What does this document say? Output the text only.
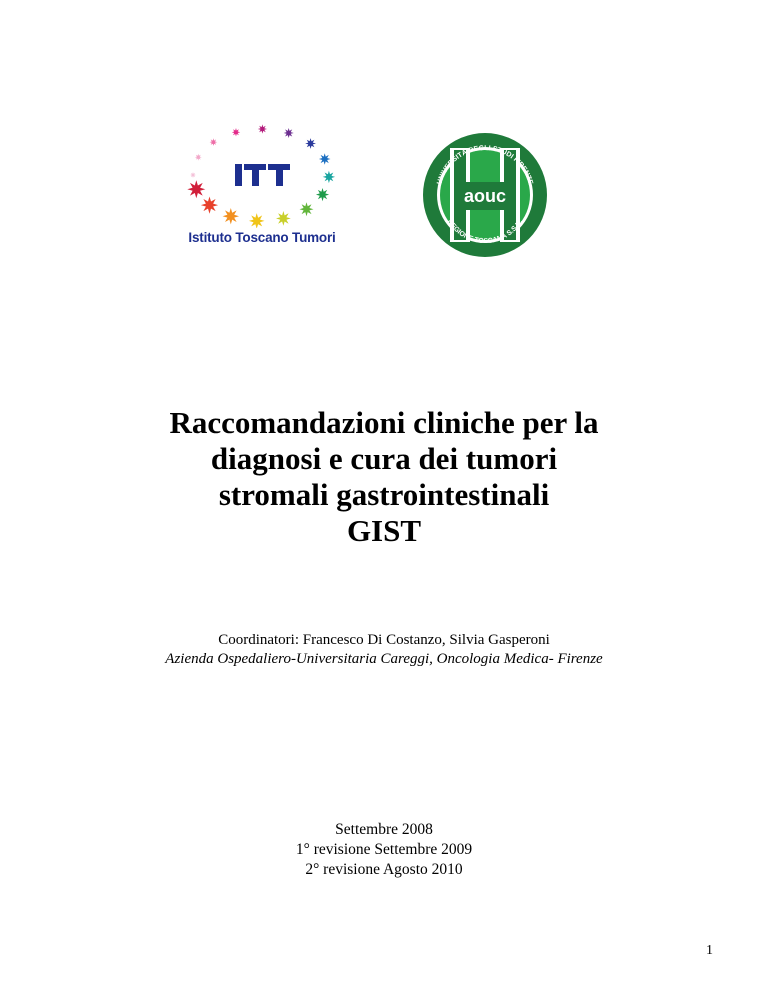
Istituto Toscano Tumori
aouc
UNIVERSITÀ DEGLI STUDI FIRENZE
REGIONE TOSCANA S.S.N.
Raccomandazioni cliniche per la
diagnosi e cura dei tumori
stromali gastrointestinali
GIST
Coordinatori: Francesco Di Costanzo, Silvia Gasperoni
Azienda Ospedaliero-Universitaria Careggi, Oncologia Medica- Firenze
Settembre 2008
1° revisione Settembre 2009
2° revisione Agosto 2010
1
